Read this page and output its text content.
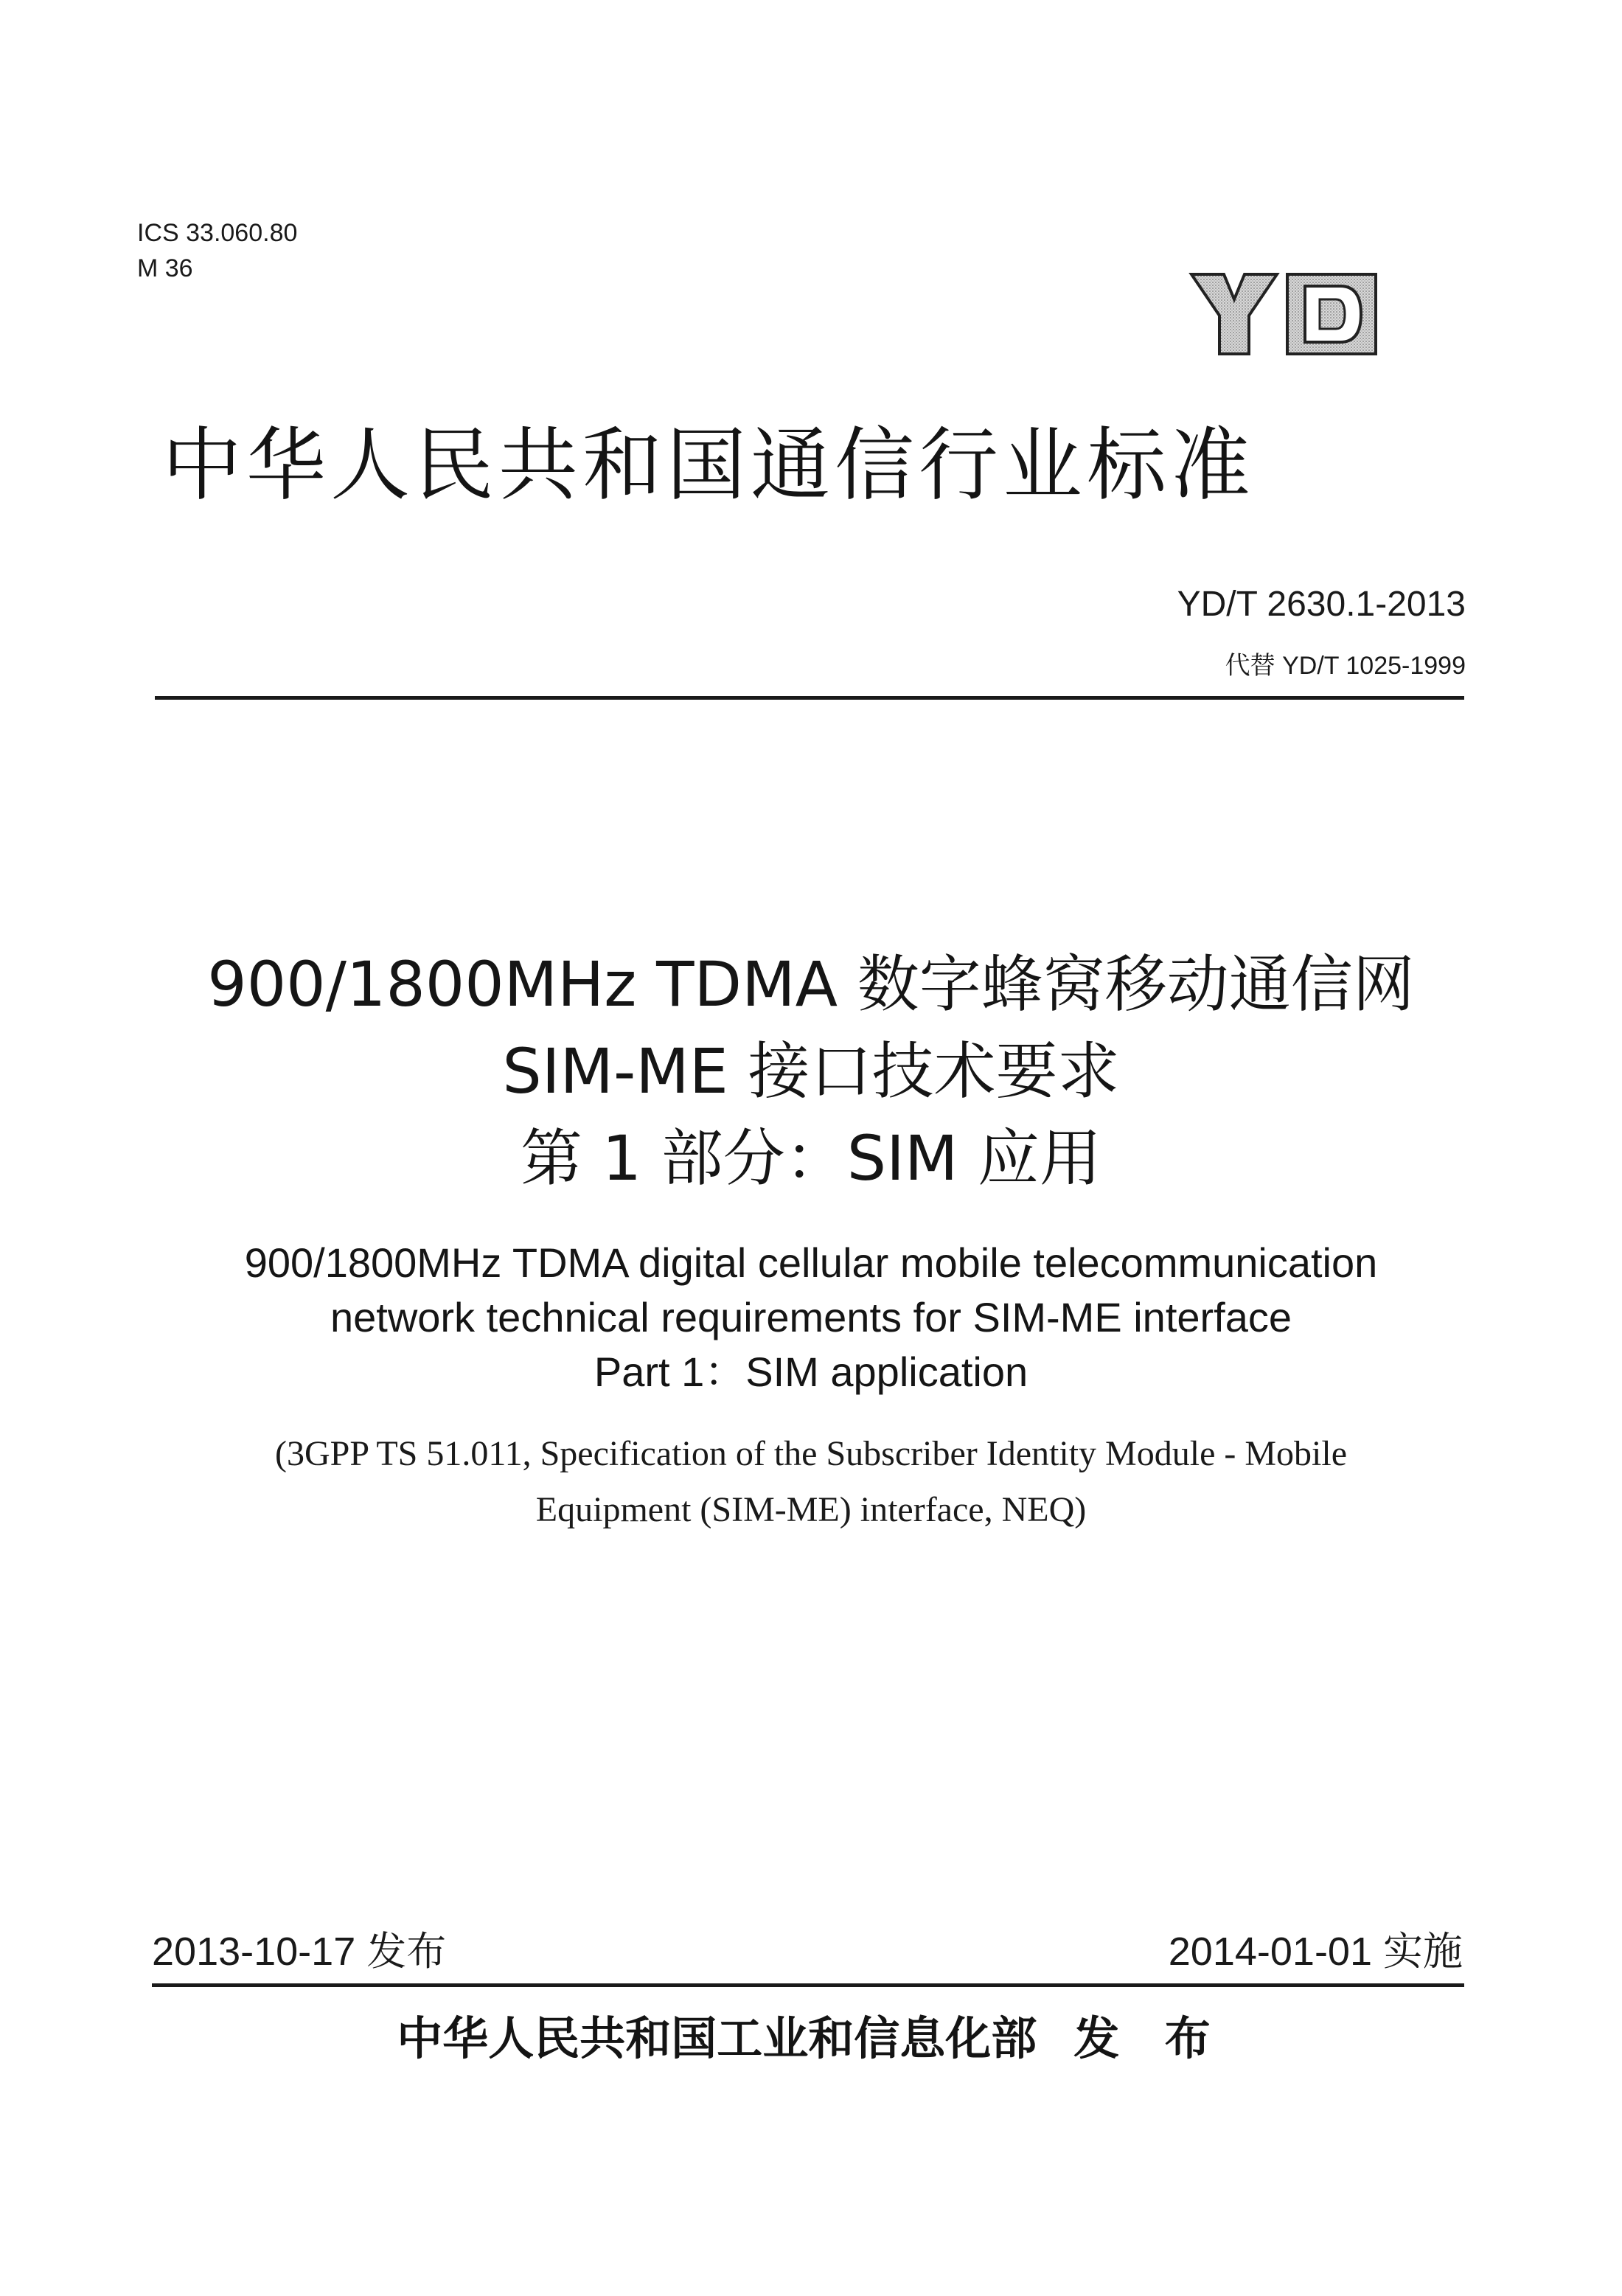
ICS 33.060.80
M 36
中华人民共和国通信行业标准
YD/T 2630.1-2013
代替 YD/T 1025-1999
900/1800MHz TDMA 数字蜂窝移动通信网
SIM-ME 接口技术要求
第 1 部分：SIM 应用
900/1800MHz TDMA digital cellular mobile telecommunication
network technical requirements for SIM-ME interface
Part 1：SIM application
(3GPP TS 51.011, Specification of the Subscriber Identity Module - Mobile
Equipment (SIM-ME) interface, NEQ)
2013-10-17 发布	2014-01-01 实施
中华人民共和国工业和信息化部 发 布
